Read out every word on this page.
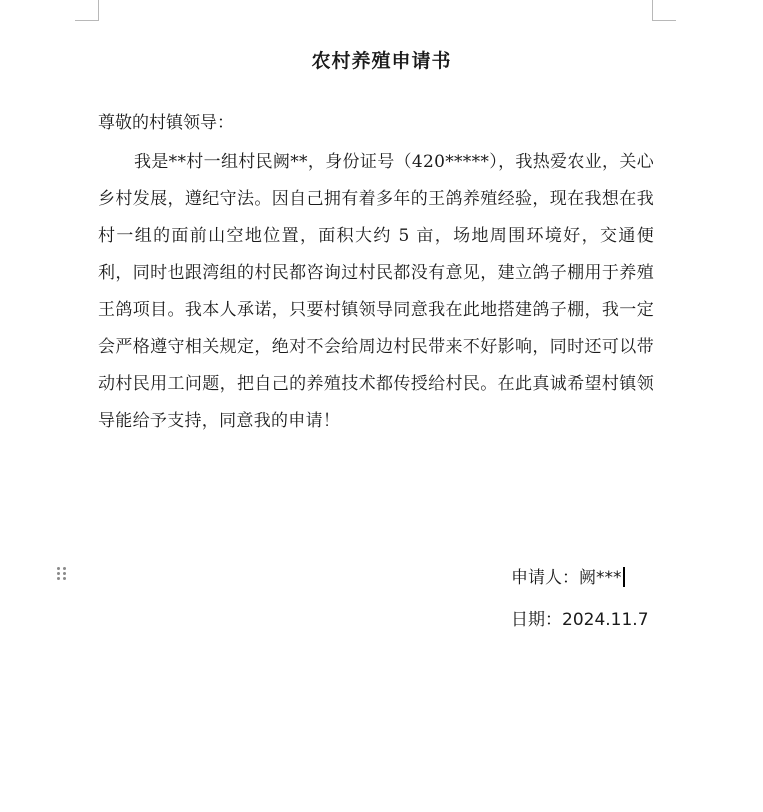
农村养殖申请书
尊敬的村镇领导：

我是**村一组村民阙**，身份证号（420*****），我热爱农业，关心乡村发展，遵纪守法。因自己拥有着多年的王鸽养殖经验，现在我想在我村一组的面前山空地位置，面积大约 5 亩，场地周围环境好，交通便利，同时也跟湾组的村民都咨询过村民都没有意见，建立鸽子棚用于养殖王鸽项目。我本人承诺，只要村镇领导同意我在此地搭建鸽子棚，我一定会严格遵守相关规定，绝对不会给周边村民带来不好影响，同时还可以带动村民用工问题，把自己的养殖技术都传授给村民。在此真诚希望村镇领导能给予支持，同意我的申请！

申请人：阙***
日期：2024.11.7
